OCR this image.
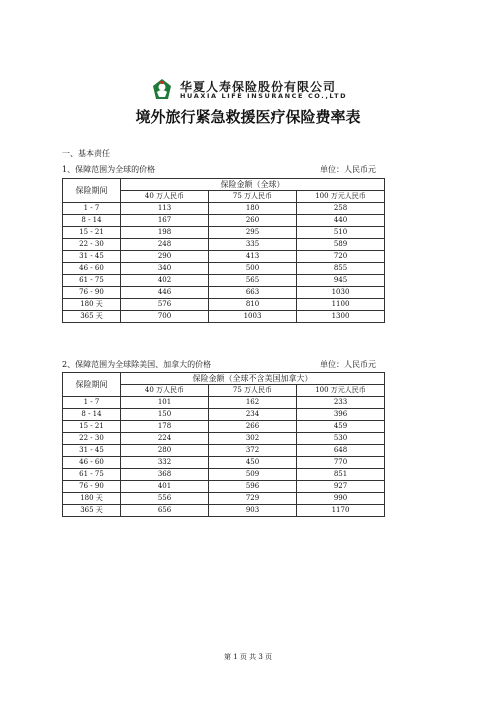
华夏人寿保险股份有限公司
HUAXIA LIFE INSURANCE CO.,LTD
境外旅行紧急救援医疗保险费率表
一、基本责任
1、保障范围为全球的价格	单位：人民币元
保险期间	保险金额（全球）		
	40 万人民币	75 万人民币	100 万元人民币
1 - 7	113	180	258
8 - 14	167	260	440
15 - 21	198	295	510
22 - 30	248	335	589
31 - 45	290	413	720
46 - 60	340	500	855
61 - 75	402	565	945
76 - 90	446	663	1030
180 天	576	810	1100
365 天	700	1003	1300
2、保障范围为全球除美国、加拿大的价格	单位：人民币元
保险期间	保险金额（全球不含美国加拿大）		
	40 万人民币	75 万人民币	100 万元人民币
1 - 7	101	162	233
8 - 14	150	234	396
15 - 21	178	266	459
22 - 30	224	302	530
31 - 45	280	372	648
46 - 60	332	450	770
61 - 75	368	509	851
76 - 90	401	596	927
180 天	556	729	990
365 天	656	903	1170
第 1 页 共 3 页
